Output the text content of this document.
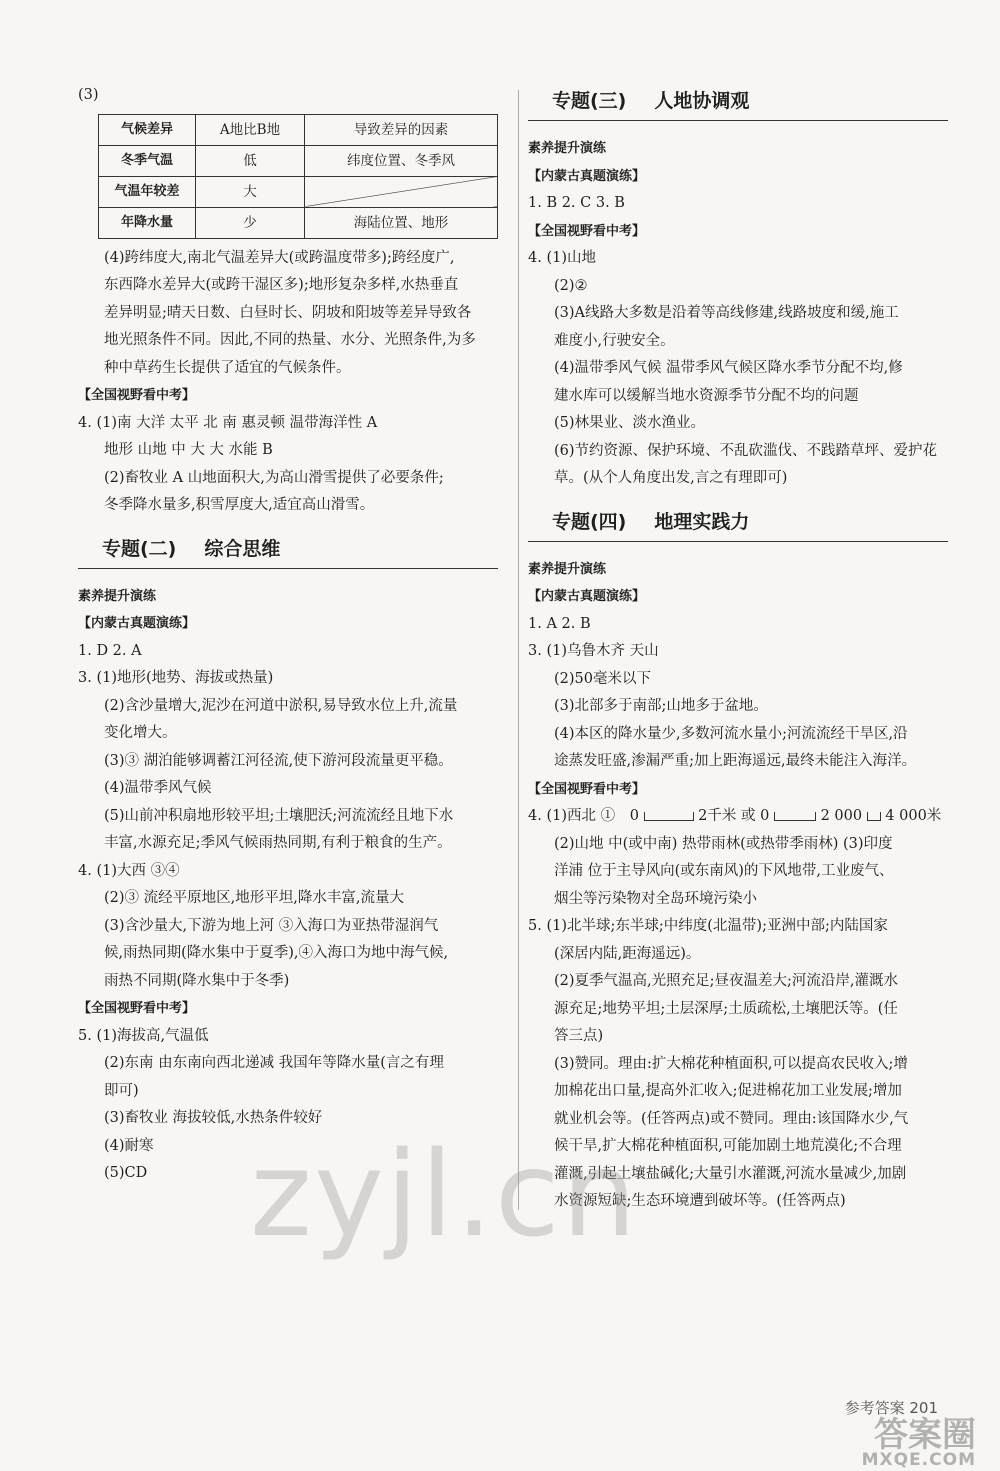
(3)
气候差异	A地比B地	导致差异的因素
冬季气温	低	纬度位置、冬季风
气温年较差	大	
年降水量	少	海陆位置、地形
(4)跨纬度大,南北气温差异大(或跨温度带多);跨经度广,
东西降水差异大(或跨干湿区多);地形复杂多样,水热垂直
差异明显;晴天日数、白昼时长、阴坡和阳坡等差异导致各
地光照条件不同。因此,不同的热量、水分、光照条件,为多
种中草药生长提供了适宜的气候条件。
【全国视野看中考】
4. (1)南 大洋 太平 北 南 惠灵顿 温带海洋性 A
地形 山地 中 大 大 水能 B
(2)畜牧业 A 山地面积大,为高山滑雪提供了必要条件;
冬季降水量多,积雪厚度大,适宜高山滑雪。
专题(二) 综合思维
素养提升演练
【内蒙古真题演练】
1. D 2. A
3. (1)地形(地势、海拔或热量)
(2)含沙量增大,泥沙在河道中淤积,易导致水位上升,流量
变化增大。
(3)③ 湖泊能够调蓄江河径流,使下游河段流量更平稳。
(4)温带季风气候
(5)山前冲积扇地形较平坦;土壤肥沃;河流流经且地下水
丰富,水源充足;季风气候雨热同期,有利于粮食的生产。
4. (1)大西 ③④
(2)③ 流经平原地区,地形平坦,降水丰富,流量大
(3)含沙量大,下游为地上河 ③入海口为亚热带湿润气
候,雨热同期(降水集中于夏季),④入海口为地中海气候,
雨热不同期(降水集中于冬季)
【全国视野看中考】
5. (1)海拔高,气温低
(2)东南 由东南向西北递减 我国年等降水量(言之有理
即可)
(3)畜牧业 海拔较低,水热条件较好
(4)耐寒
(5)CD
专题(三) 人地协调观
素养提升演练
【内蒙古真题演练】
1. B 2. C 3. B
【全国视野看中考】
4. (1)山地
(2)②
(3)A线路大多数是沿着等高线修建,线路坡度和缓,施工
难度小,行驶安全。
(4)温带季风气候 温带季风气候区降水季节分配不均,修
建水库可以缓解当地水资源季节分配不均的问题
(5)林果业、淡水渔业。
(6)节约资源、保护环境、不乱砍滥伐、不践踏草坪、爱护花
草。(从个人角度出发,言之有理即可)
专题(四) 地理实践力
素养提升演练
【内蒙古真题演练】
1. A 2. B
3. (1)乌鲁木齐 天山
(2)50毫米以下
(3)北部多于南部;山地多于盆地。
(4)本区的降水量少,多数河流水量小;河流流经干旱区,沿
途蒸发旺盛,渗漏严重;加上距海遥远,最终未能注入海洋。
【全国视野看中考】
4. (1)西北 ① 0	2千米 或 0	2 000 4 000米
(2)山地 中(或中南) 热带雨林(或热带季雨林) (3)印度
洋浦 位于主导风向(或东南风)的下风地带,工业废气、
烟尘等污染物对全岛环境污染小
5. (1)北半球;东半球;中纬度(北温带);亚洲中部;内陆国家
(深居内陆,距海遥远)。
(2)夏季气温高,光照充足;昼夜温差大;河流沿岸,灌溉水
源充足;地势平坦;土层深厚;土质疏松,土壤肥沃等。(任
答三点)
(3)赞同。理由:扩大棉花种植面积,可以提高农民收入;增
加棉花出口量,提高外汇收入;促进棉花加工业发展;增加
就业机会等。(任答两点)或不赞同。理由:该国降水少,气
候干旱,扩大棉花种植面积,可能加剧土地荒漠化;不合理
灌溉,引起土壤盐碱化;大量引水灌溉,河流水量减少,加剧
水资源短缺;生态环境遭到破坏等。(任答两点)
zyjl.cn
参考答案 201
答案圈
MXQE.COM
